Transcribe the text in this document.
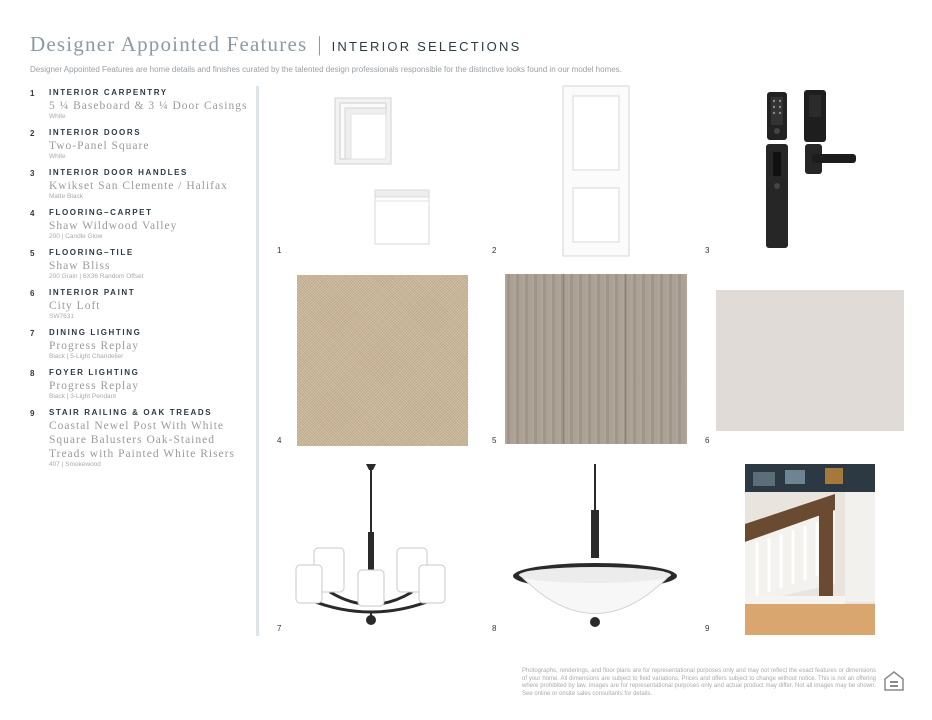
Designer Appointed Features | INTERIOR SELECTIONS
Designer Appointed Features are home details and finishes curated by the talented design professionals responsible for the distinctive looks found in our model homes.
1	INTERIOR CARPENTRY
5 ¼ Baseboard & 3 ¼ Door Casings
White
2	INTERIOR DOORS
Two-Panel Square
White
3	INTERIOR DOOR HANDLES
Kwikset San Clemente / Halifax
Matte Black
4	FLOORING–CARPET
Shaw Wildwood Valley
200 | Candle Glow
5	FLOORING–TILE
Shaw Bliss
200 Grain | 6X36 Random Offset
6	INTERIOR PAINT
City Loft
SW7631
7	DINING LIGHTING
Progress Replay
Black | 5-Light Chandelier
8	FOYER LIGHTING
Progress Replay
Black | 3-Light Pendant
9	STAIR RAILING & OAK TREADS
Coastal Newel Post With White Square Balusters Oak-Stained Treads with Painted White Risers
407 | Smokewood
1	2	3
4	5	6
7	8	9
Photographs, renderings, and floor plans are for representational purposes only and may not reflect the exact features or dimensions of your home. All dimensions are subject to field variations. Prices and offers subject to change without notice. This is not an offering where prohibited by law. Images are for representational purposes only and actual product may differ. Not all images may be shown. See online or onsite sales consultants for details.
